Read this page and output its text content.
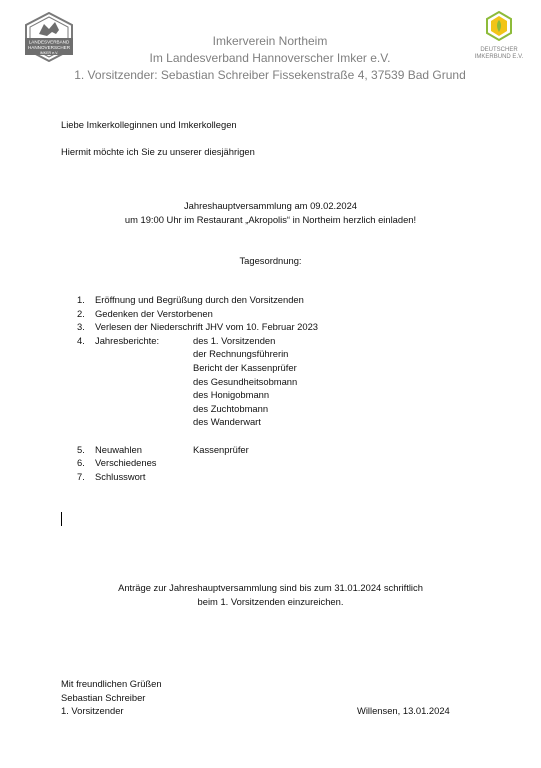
LANDESVERBAND
HANNOVERSCHER
IMKER e.V.	DEUTSCHER
IMKERBUND E.V.
Imkerverein Northeim
Im Landesverband Hannoverscher Imker e.V.
1. Vorsitzender: Sebastian Schreiber Fissekenstraße 4, 37539 Bad Grund
Liebe Imkerkolleginnen und Imkerkollegen
Hiermit möchte ich Sie zu unserer diesjährigen
Jahreshauptversammlung am 09.02.2024
um 19:00 Uhr im Restaurant „Akropolis“ in Northeim herzlich einladen!
Tagesordnung:
1.	Eröffnung und Begrüßung durch den Vorsitzenden
2.	Gedenken der Verstorbenen
3.	Verlesen der Niederschrift JHV vom 10. Februar 2023
4.	Jahresberichte:	des 1. Vorsitzenden
der Rechnungsführerin
Bericht der Kassenprüfer
des Gesundheitsobmann
des Honigobmann
des Zuchtobmann
des Wanderwart
5.	Neuwahlen	Kassenprüfer
6.	Verschiedenes
7.	Schlusswort
Anträge zur Jahreshauptversammlung sind bis zum 31.01.2024 schriftlich
beim 1. Vorsitzenden einzureichen.
Mit freundlichen Grüßen
Sebastian Schreiber
1. Vorsitzender	Willensen, 13.01.2024
